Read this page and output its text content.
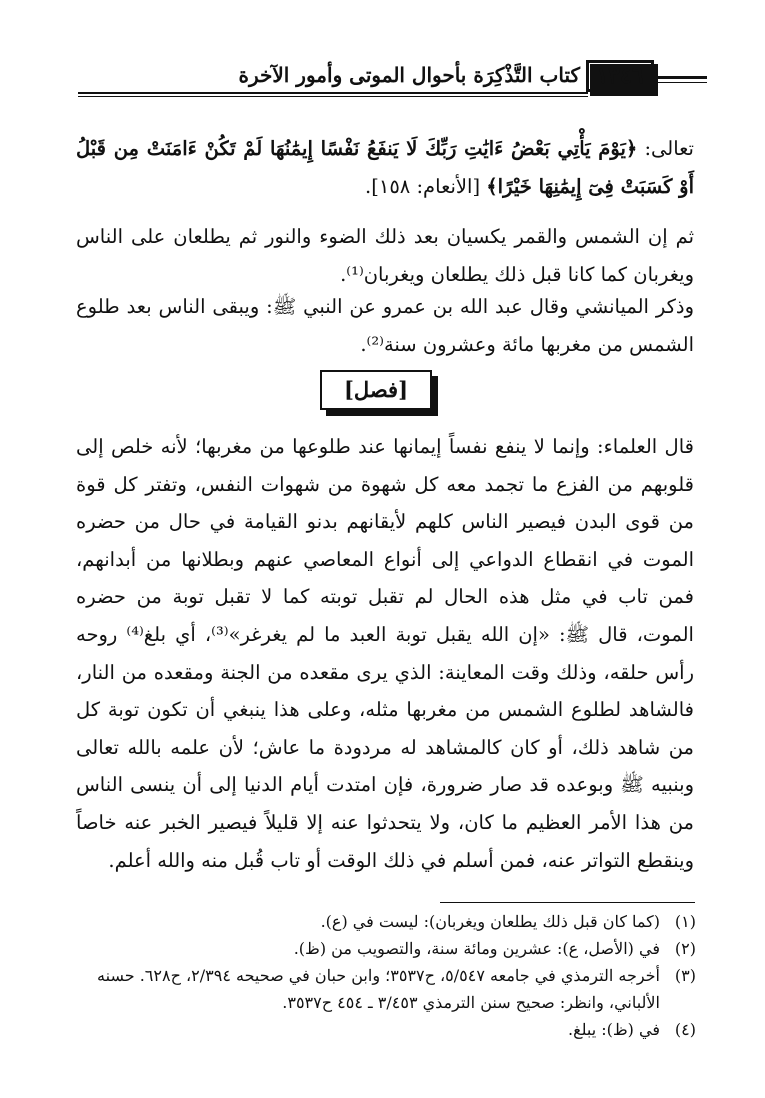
١٣٤٦
كتاب التَّذْكِرَة بأحوال الموتى وأمور الآخرة
تعالى: ﴿يَوْمَ يَأْتِي بَعْضُ ءَايَٰتِ رَبِّكَ لَا يَنفَعُ نَفْسًا إِيمَٰنُهَا لَمْ تَكُنْ ءَامَنَتْ مِن قَبْلُ أَوْ كَسَبَتْ فِىٓ إِيمَٰنِهَا خَيْرًا﴾ [الأنعام: ١٥٨].
ثم إن الشمس والقمر يكسيان بعد ذلك الضوء والنور ثم يطلعان على الناس ويغربان كما كانا قبل ذلك يطلعان ويغربان⁽¹⁾.
وذكر الميانشي وقال عبد الله بن عمرو عن النبي ﷺ: ويبقى الناس بعد طلوع الشمس من مغربها مائة وعشرون سنة⁽²⁾.
[فصل]
قال العلماء: وإنما لا ينفع نفساً إيمانها عند طلوعها من مغربها؛ لأنه خلص إلى قلوبهم من الفزع ما تجمد معه كل شهوة من شهوات النفس، وتفتر كل قوة من قوى البدن فيصير الناس كلهم لأيقانهم بدنو القيامة في حال من حضره الموت في انقطاع الدواعي إلى أنواع المعاصي عنهم وبطلانها من أبدانهم، فمن تاب في مثل هذه الحال لم تقبل توبته كما لا تقبل توبة من حضره الموت، قال ﷺ: «إن الله يقبل توبة العبد ما لم يغرغر»⁽³⁾، أي بلغ⁽⁴⁾ روحه رأس حلقه، وذلك وقت المعاينة: الذي يرى مقعده من الجنة ومقعده من النار، فالشاهد لطلوع الشمس من مغربها مثله، وعلى هذا ينبغي أن تكون توبة كل من شاهد ذلك، أو كان كالمشاهد له مردودة ما عاش؛ لأن علمه بالله تعالى وبنبيه ﷺ وبوعده قد صار ضرورة، فإن امتدت أيام الدنيا إلى أن ينسى الناس من هذا الأمر العظيم ما كان، ولا يتحدثوا عنه إلا قليلاً فيصير الخبر عنه خاصاً وينقطع التواتر عنه، فمن أسلم في ذلك الوقت أو تاب قُبل منه والله أعلم.
(١)
(كما كان قبل ذلك يطلعان ويغربان): ليست في (ع).
(٢)
في (الأصل، ع): عشرين ومائة سنة، والتصويب من (ظ).
(٣)
أخرجه الترمذي في جامعه ٥/٥٤٧، ح٣٥٣٧؛ وابن حبان في صحيحه ٢/٣٩٤، ح٦٢٨. حسنه الألباني، وانظر: صحيح سنن الترمذي ٣/٤٥٣ ـ ٤٥٤ ح٣٥٣٧.
(٤)
في (ظ): يبلغ.
